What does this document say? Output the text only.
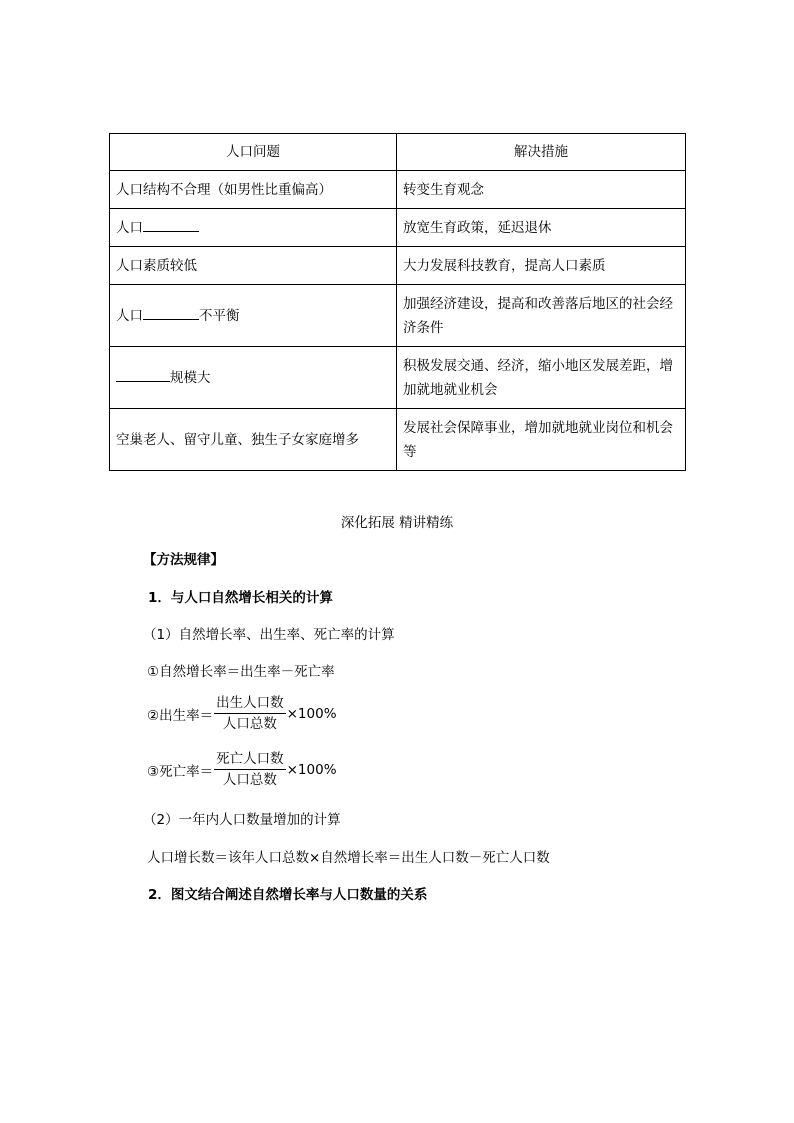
人口问题	解决措施
人口结构不合理（如男性比重偏高）	转变生育观念
人口	放宽生育政策，延迟退休
人口素质较低	大力发展科技教育，提高人口素质
人口 不平衡	加强经济建设，提高和改善落后地区的社会经济条件
规模大	积极发展交通、经济，缩小地区发展差距，增加就地就业机会
空巢老人、留守儿童、独生子女家庭增多	发展社会保障事业，增加就地就业岗位和机会等
深化拓展 精讲精练
【方法规律】
1．与人口自然增长相关的计算
（1）自然增长率、出生率、死亡率的计算
①自然增长率＝出生率－死亡率
②出生率＝ $\frac{\text{出生人口数}}{\text{人口总数}} \times 100\%$
③死亡率＝ $\frac{\text{死亡人口数}}{\text{人口总数}} \times 100\%$
（2）一年内人口数量增加的计算
人口增长数＝该年人口总数×自然增长率＝出生人口数－死亡人口数
2．图文结合阐述自然增长率与人口数量的关系
